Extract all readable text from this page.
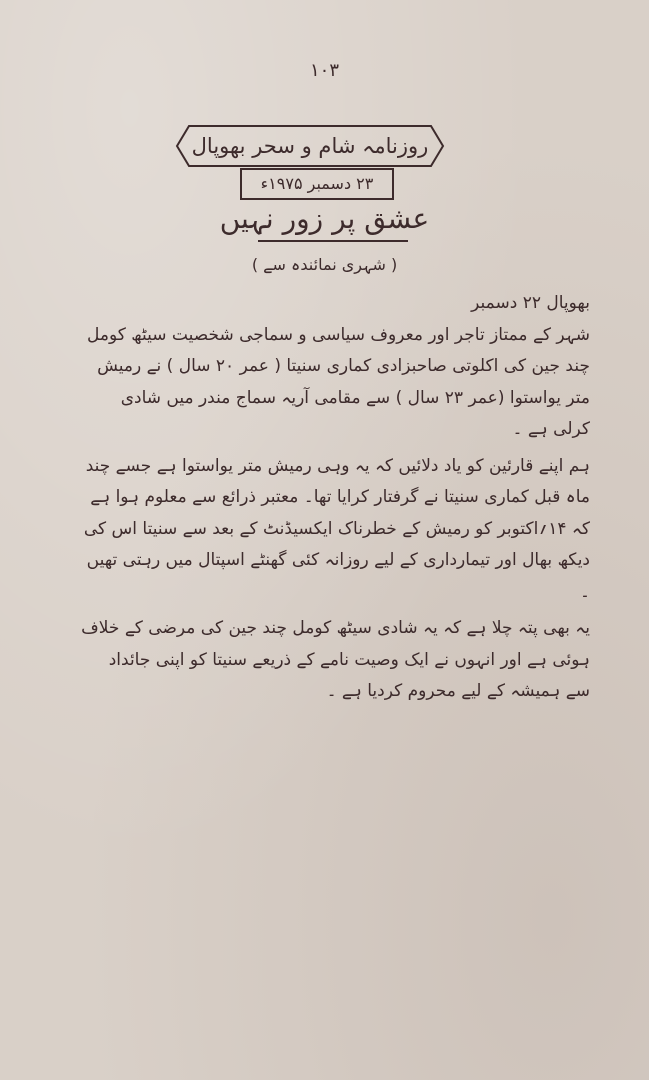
۱۰۳
روزنامہ شام و سحر بھوپال
۲۳ دسمبر ۱۹۷۵ء
عشق پر زور نہیں
( شہری نمائندہ سے )

بھوپال ۲۲ دسمبر

شہر کے ممتاز تاجر اور معروف سیاسی و سماجی شخصیت سیٹھ کومل چند جین کی اکلوتی صاحبزادی کماری سنیتا ( عمر ۲۰ سال ) نے رمیش متر یواستوا (عمر ۲۳ سال ) سے مقامی آریہ سماج مندر میں شادی کرلی ہے ۔

ہم اپنے قارئین کو یاد دلائیں کہ یہ وہی رمیش متر یواستوا ہے جسے چند ماہ قبل کماری سنیتا نے گرفتار کرایا تھا۔ معتبر ذرائع سے معلوم ہوا ہے کہ ۱۴؍اکتوبر کو رمیش کے خطرناک ایکسیڈنٹ کے بعد سے سنیتا اس کی دیکھ بھال اور تیمارداری کے لیے روزانہ کئی گھنٹے اسپتال میں رہتی تھیں ۔

یہ بھی پتہ چلا ہے کہ یہ شادی سیٹھ کومل چند جین کی مرضی کے خلاف ہوئی ہے اور انہوں نے ایک وصیت نامے کے ذریعے سنیتا کو اپنی جائداد سے ہمیشہ کے لیے محروم کردیا ہے ۔
